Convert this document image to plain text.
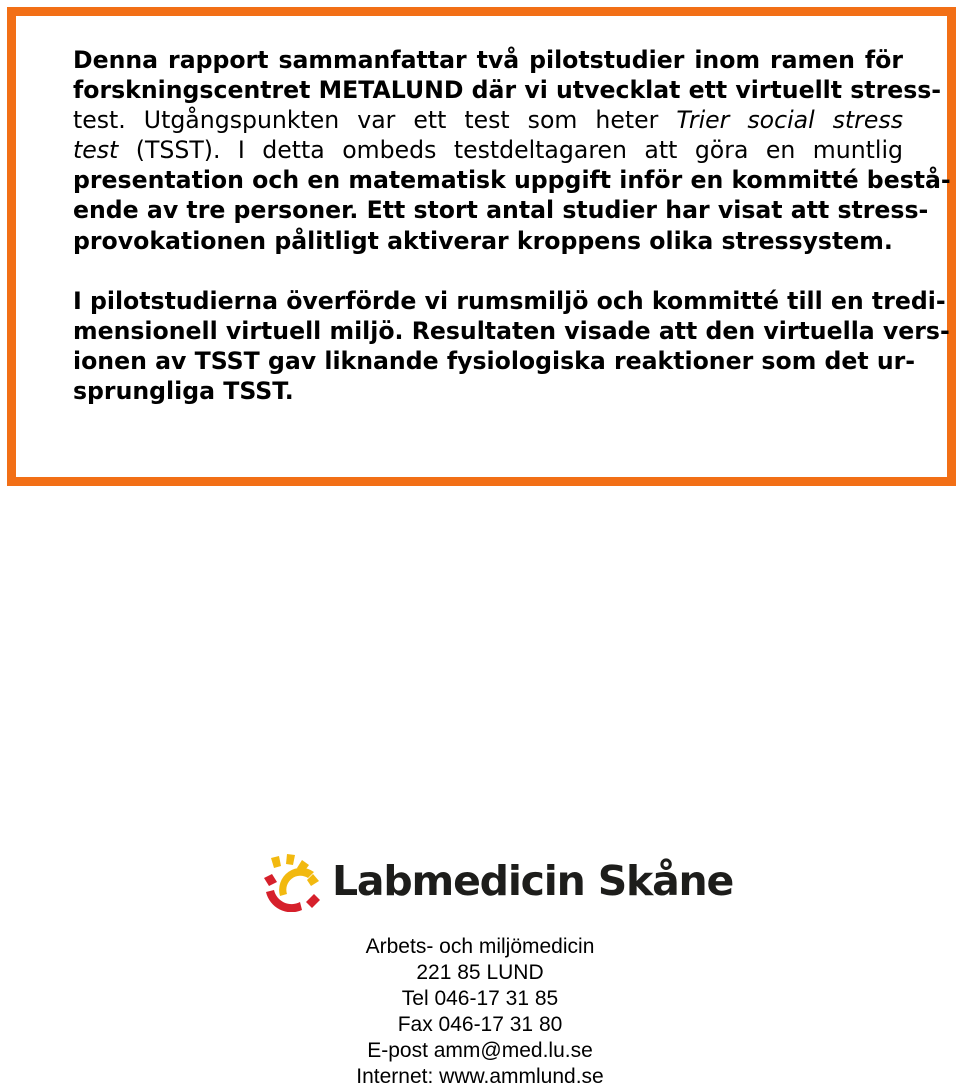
Denna rapport sammanfattar två pilotstudier inom ramen för
forskningscentret METALUND där vi utvecklat ett virtuellt stress-
test. Utgångspunkten var ett test som heter Trier social stress
test (TSST). I detta ombeds testdeltagaren att göra en muntlig
presentation och en matematisk uppgift inför en kommitté bestå-
ende av tre personer. Ett stort antal studier har visat att stress-
provokationen pålitligt aktiverar kroppens olika stressystem.

I pilotstudierna överförde vi rumsmiljö och kommitté till en tredi-
mensionell virtuell miljö. Resultaten visade att den virtuella vers-
ionen av TSST gav liknande fysiologiska reaktioner som det ur-
sprungliga TSST.

Labmedicin Skåne
Arbets- och miljömedicin
221 85 LUND
Tel 046-17 31 85
Fax 046-17 31 80
E-post amm@med.lu.se
Internet: www.ammlund.se
